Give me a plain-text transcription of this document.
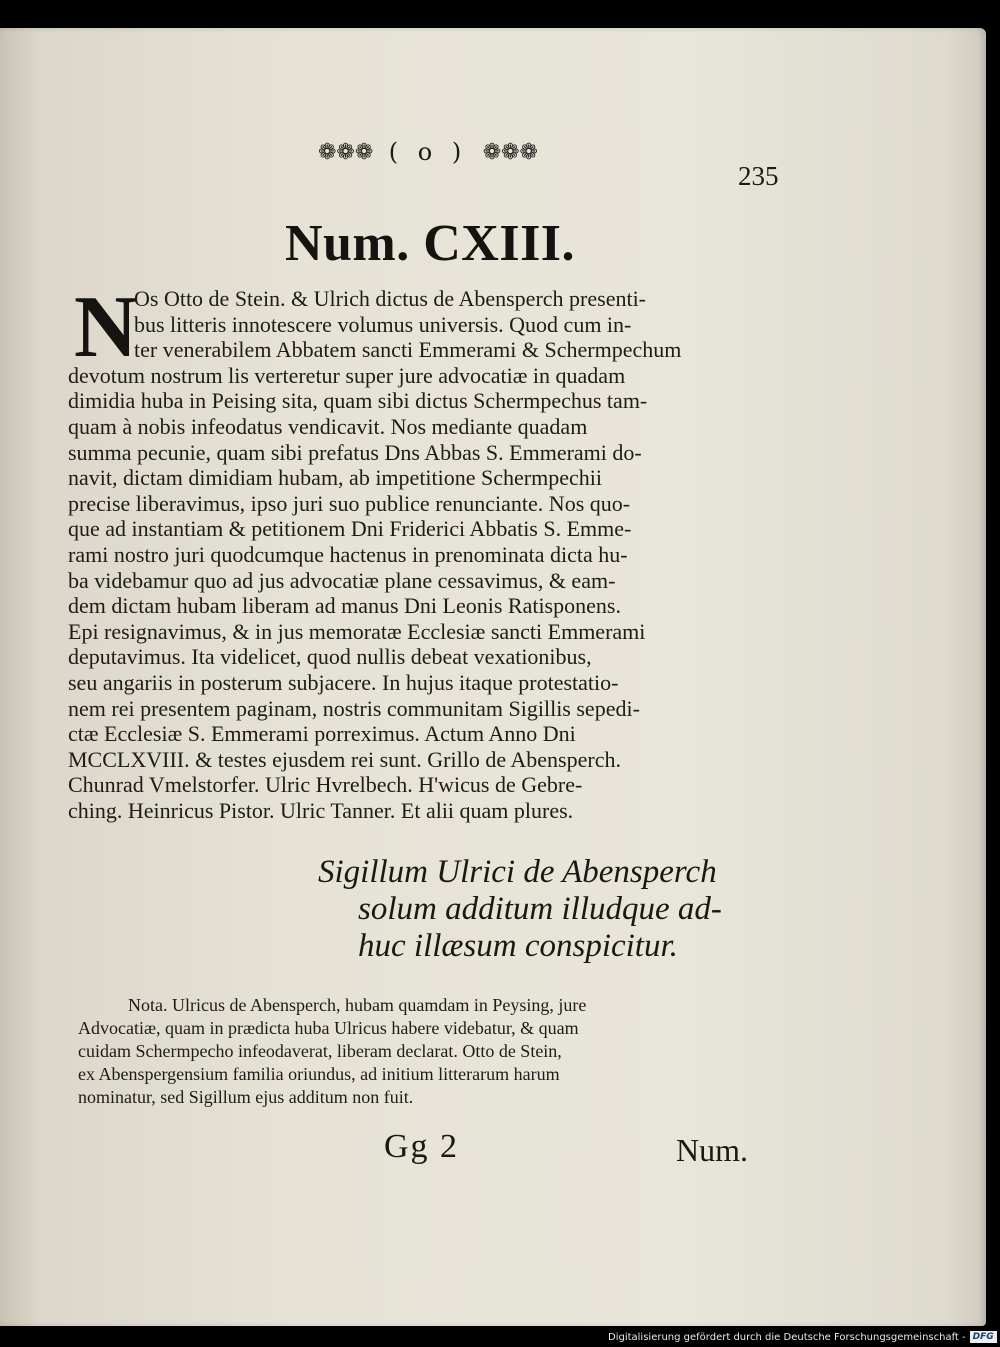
❁❁❁ ( o ) ❁❁❁
235
Num. CXIII.
N
Os Otto de Stein. & Ulrich dictus de Abensperch presenti-
bus litteris innotescere volumus universis. Quod cum in-
ter venerabilem Abbatem sancti Emmerami & Schermpechum
devotum nostrum lis verteretur super jure advocatiæ in quadam
dimidia huba in Peising sita, quam sibi dictus Schermpechus tam-
quam à nobis infeodatus vendicavit. Nos mediante quadam
summa pecunie, quam sibi prefatus Dns Abbas S. Emmerami do-
navit, dictam dimidiam hubam, ab impetitione Schermpechii
precise liberavimus, ipso juri suo publice renunciante. Nos quo-
que ad instantiam & petitionem Dni Friderici Abbatis S. Emme-
rami nostro juri quodcumque hactenus in prenominata dicta hu-
ba videbamur quo ad jus advocatiæ plane cessavimus, & eam-
dem dictam hubam liberam ad manus Dni Leonis Ratisponens.
Epi resignavimus, & in jus memoratæ Ecclesiæ sancti Emmerami
deputavimus. Ita videlicet, quod nullis debeat vexationibus,
seu angariis in posterum subjacere. In hujus itaque protestatio-
nem rei presentem paginam, nostris communitam Sigillis sepedi-
ctæ Ecclesiæ S. Emmerami porreximus. Actum Anno Dni
MCCLXVIII. & testes ejusdem rei sunt. Grillo de Abensperch.
Chunrad Vmelstorfer. Ulric Hvrelbech. H'wicus de Gebre-
ching. Heinricus Pistor. Ulric Tanner. Et alii quam plures.
Sigillum Ulrici de Abensperch
solum additum illudque ad-
huc illæsum conspicitur.
Nota. Ulricus de Abensperch, hubam quamdam in Peysing, jure
Advocatiæ, quam in prædicta huba Ulricus habere videbatur, & quam
cuidam Schermpecho infeodaverat, liberam declarat. Otto de Stein,
ex Abenspergensium familia oriundus, ad initium litterarum harum
nominatur, sed Sigillum ejus additum non fuit.
Gg 2	Num.
Digitalisierung gefördert durch die Deutsche Forschungsgemeinschaft - DFG
